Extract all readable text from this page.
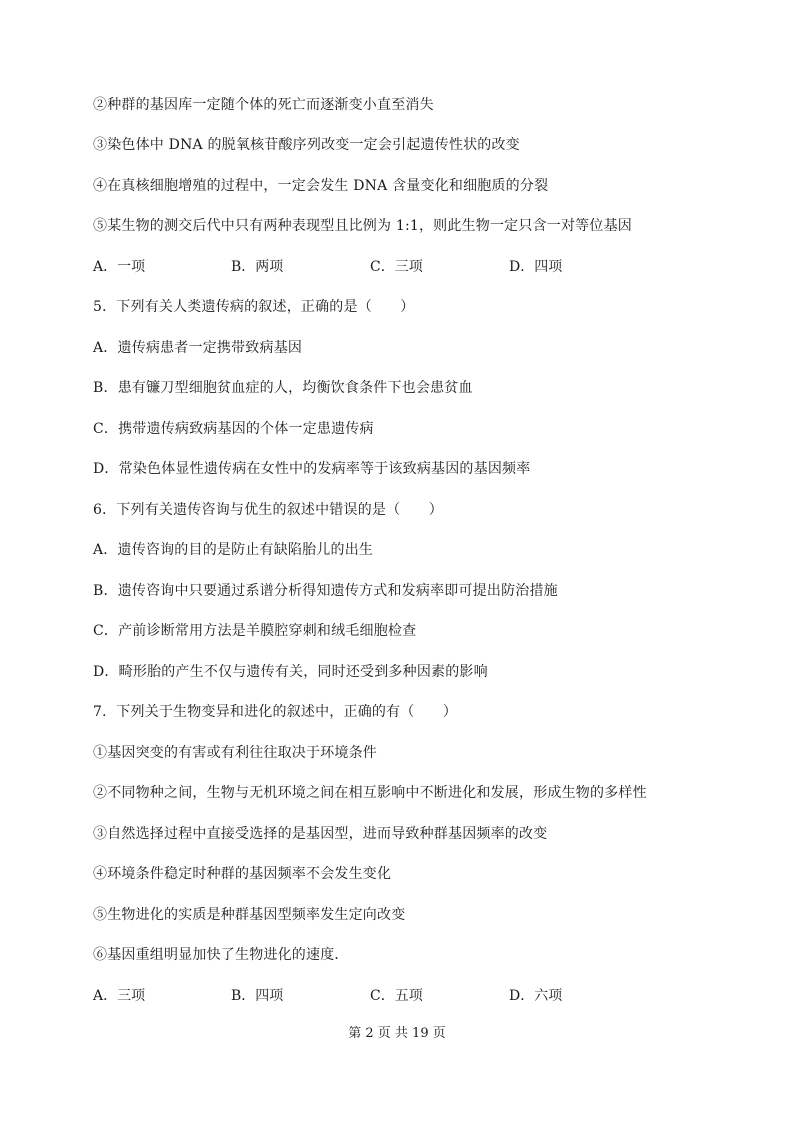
②种群的基因库一定随个体的死亡而逐渐变小直至消失
③染色体中 DNA 的脱氧核苷酸序列改变一定会引起遗传性状的改变
④在真核细胞增殖的过程中，一定会发生 DNA 含量变化和细胞质的分裂
⑤某生物的测交后代中只有两种表现型且比例为 1:1，则此生物一定只含一对等位基因
A．一项	B．两项	C．三项	D．四项
5．下列有关人类遗传病的叙述，正确的是（　　）
A．遗传病患者一定携带致病基因
B．患有镰刀型细胞贫血症的人，均衡饮食条件下也会患贫血
C．携带遗传病致病基因的个体一定患遗传病
D．常染色体显性遗传病在女性中的发病率等于该致病基因的基因频率
6．下列有关遗传咨询与优生的叙述中错误的是（　　）
A．遗传咨询的目的是防止有缺陷胎儿的出生
B．遗传咨询中只要通过系谱分析得知遗传方式和发病率即可提出防治措施
C．产前诊断常用方法是羊膜腔穿刺和绒毛细胞检查
D．畸形胎的产生不仅与遗传有关，同时还受到多种因素的影响
7．下列关于生物变异和进化的叙述中，正确的有（　　）
①基因突变的有害或有利往往取决于环境条件
②不同物种之间，生物与无机环境之间在相互影响中不断进化和发展，形成生物的多样性
③自然选择过程中直接受选择的是基因型，进而导致种群基因频率的改变
④环境条件稳定时种群的基因频率不会发生变化
⑤生物进化的实质是种群基因型频率发生定向改变
⑥基因重组明显加快了生物进化的速度．
A．三项	B．四项	C．五项	D．六项
第 2 页 共 19 页
